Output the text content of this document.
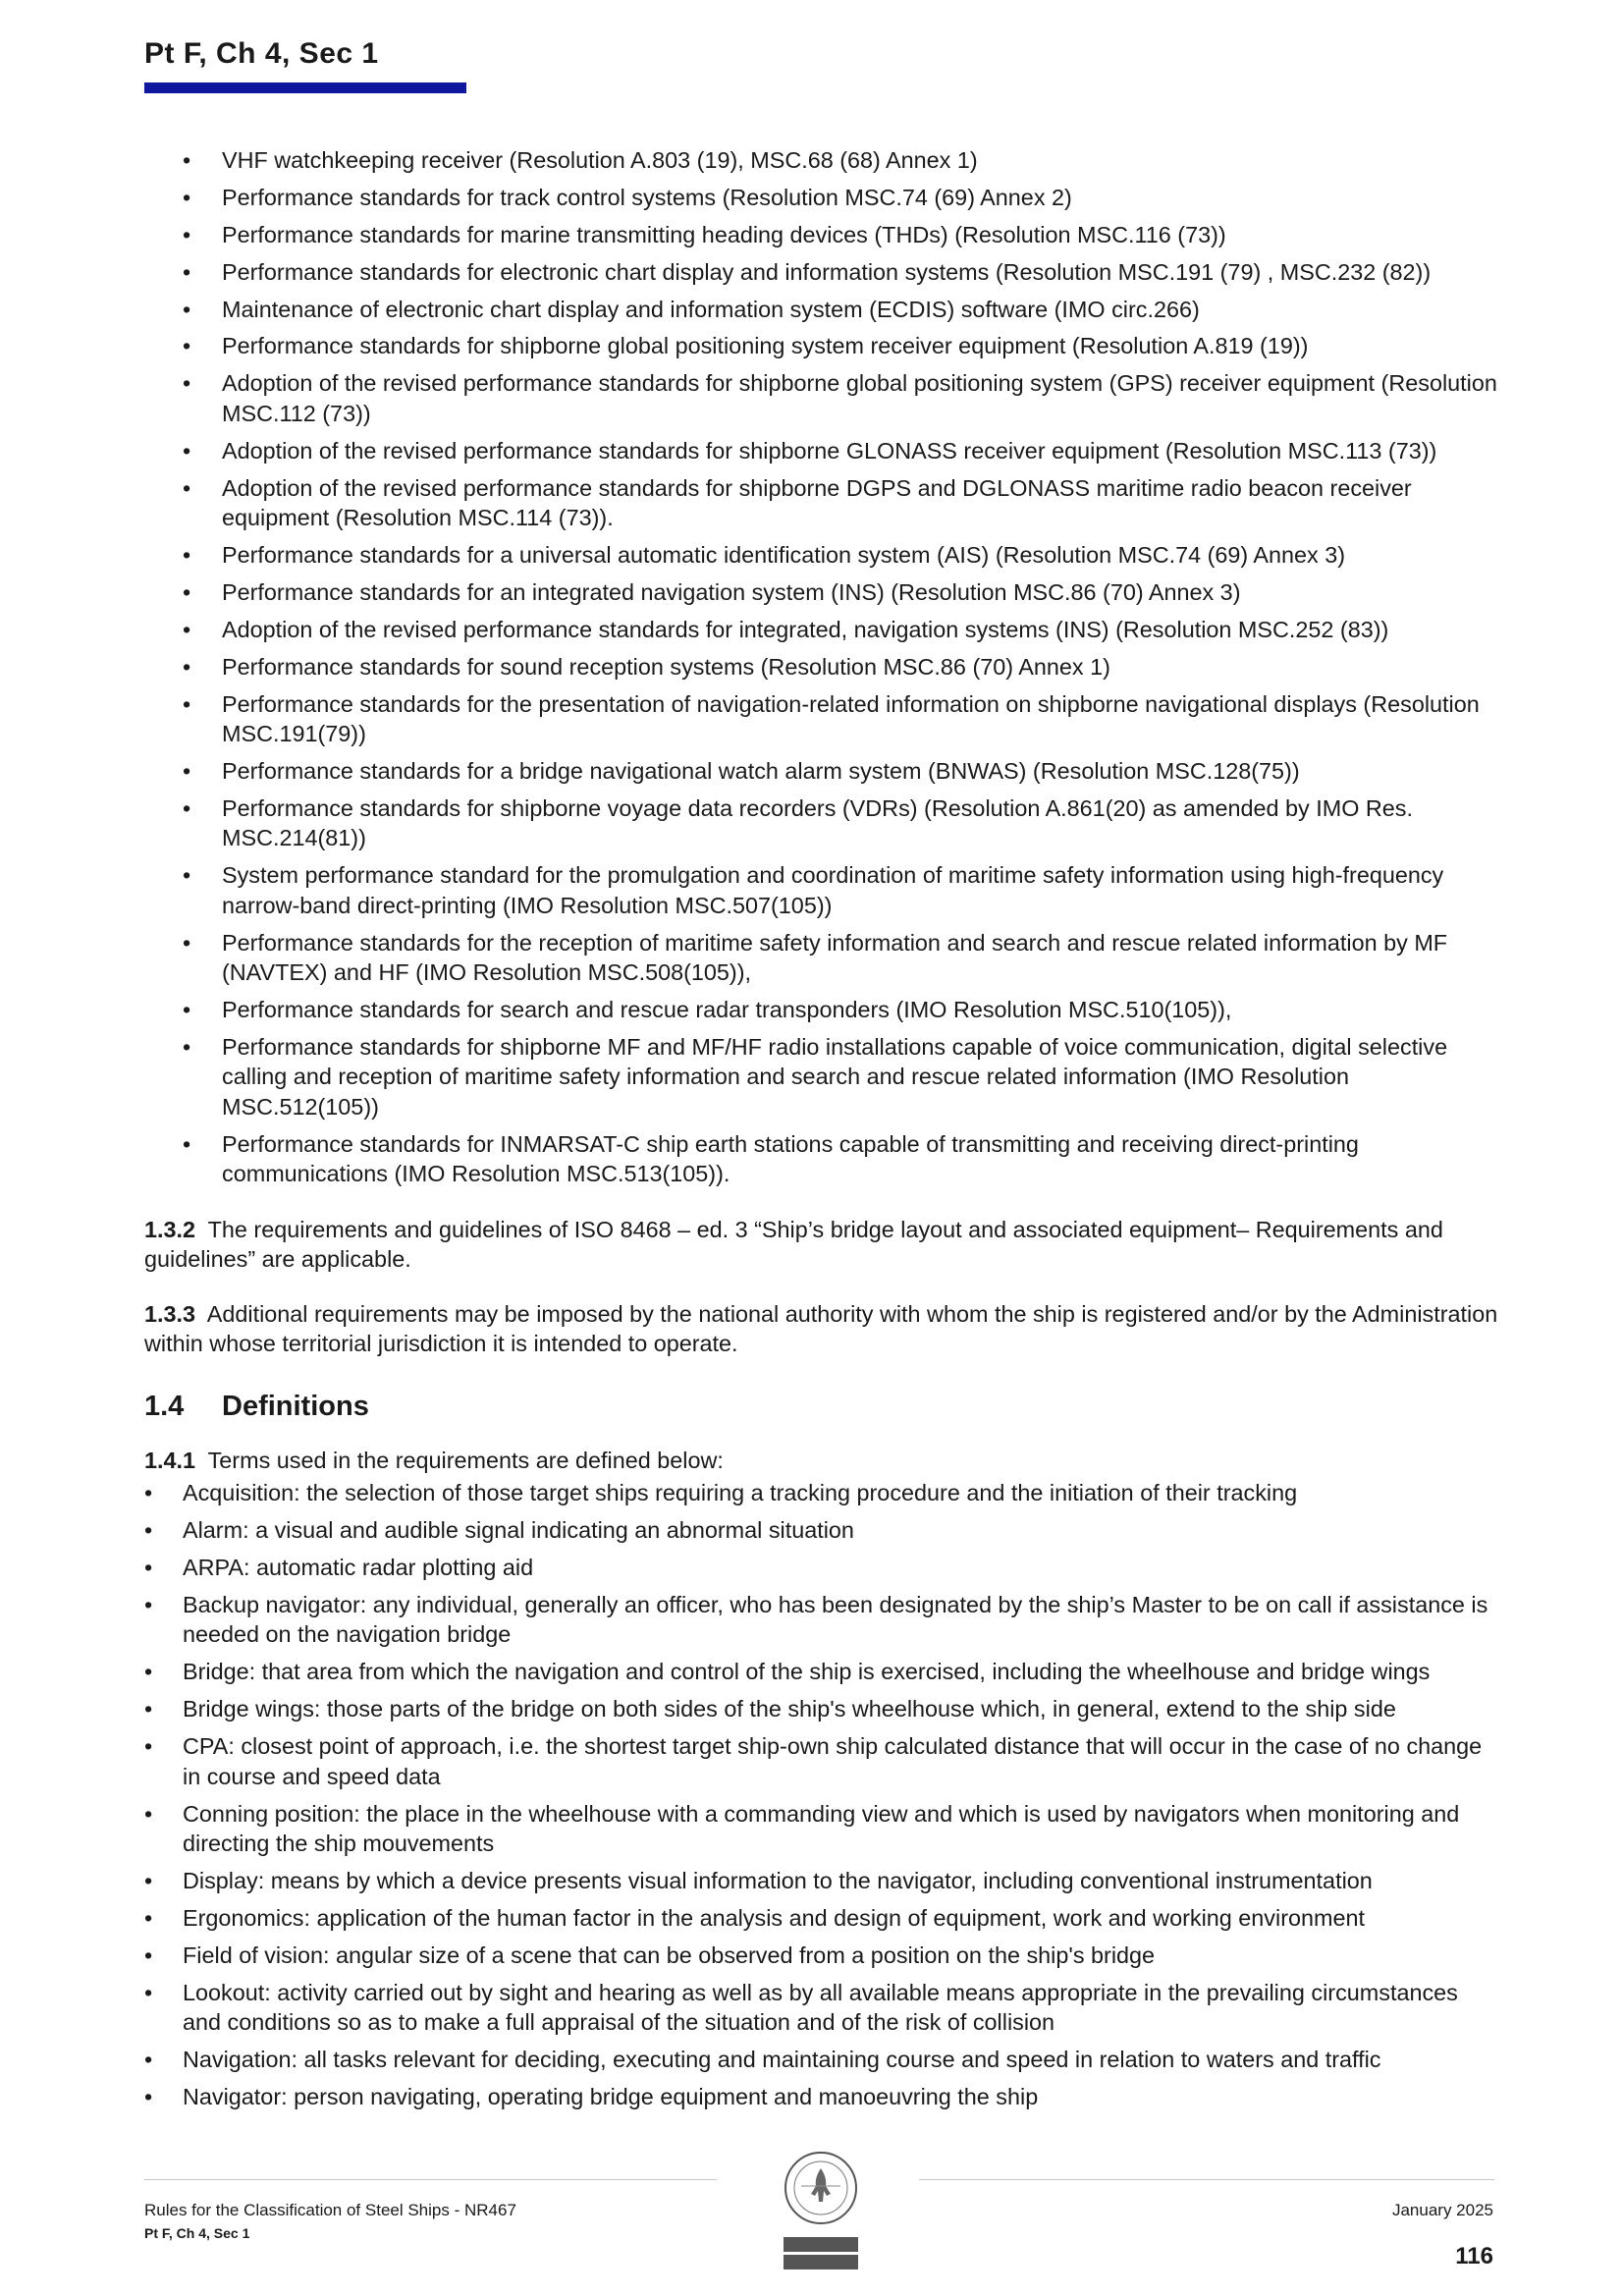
Pt F, Ch 4, Sec 1
• VHF watchkeeping receiver (Resolution A.803 (19), MSC.68 (68) Annex 1)
• Performance standards for track control systems (Resolution MSC.74 (69) Annex 2)
• Performance standards for marine transmitting heading devices (THDs) (Resolution MSC.116 (73))
• Performance standards for electronic chart display and information systems (Resolution MSC.191 (79) , MSC.232 (82))
• Maintenance of electronic chart display and information system (ECDIS) software (IMO circ.266)
• Performance standards for shipborne global positioning system receiver equipment (Resolution A.819 (19))
• Adoption of the revised performance standards for shipborne global positioning system (GPS) receiver equipment (Resolution MSC.112 (73))
• Adoption of the revised performance standards for shipborne GLONASS receiver equipment (Resolution MSC.113 (73))
• Adoption of the revised performance standards for shipborne DGPS and DGLONASS maritime radio beacon receiver equipment (Resolution MSC.114 (73)).
• Performance standards for a universal automatic identification system (AIS) (Resolution MSC.74 (69) Annex 3)
• Performance standards for an integrated navigation system (INS) (Resolution MSC.86 (70) Annex 3)
• Adoption of the revised performance standards for integrated, navigation systems (INS) (Resolution MSC.252 (83))
• Performance standards for sound reception systems (Resolution MSC.86 (70) Annex 1)
• Performance standards for the presentation of navigation-related information on shipborne navigational displays (Resolution MSC.191(79))
• Performance standards for a bridge navigational watch alarm system (BNWAS) (Resolution MSC.128(75))
• Performance standards for shipborne voyage data recorders (VDRs) (Resolution A.861(20) as amended by IMO Res. MSC.214(81))
• System performance standard for the promulgation and coordination of maritime safety information using high-frequency narrow-band direct-printing (IMO Resolution MSC.507(105))
• Performance standards for the reception of maritime safety information and search and rescue related information by MF (NAVTEX) and HF (IMO Resolution MSC.508(105)),
• Performance standards for search and rescue radar transponders (IMO Resolution MSC.510(105)),
• Performance standards for shipborne MF and MF/HF radio installations capable of voice communication, digital selective calling and reception of maritime safety information and search and rescue related information (IMO Resolution MSC.512(105))
• Performance standards for INMARSAT-C ship earth stations capable of transmitting and receiving direct-printing communications (IMO Resolution MSC.513(105)).

1.3.2 The requirements and guidelines of ISO 8468 – ed. 3 “Ship’s bridge layout and associated equipment– Requirements and guidelines” are applicable.

1.3.3 Additional requirements may be imposed by the national authority with whom the ship is registered and/or by the Administration within whose territorial jurisdiction it is intended to operate.

1.4 Definitions

1.4.1 Terms used in the requirements are defined below:

• Acquisition: the selection of those target ships requiring a tracking procedure and the initiation of their tracking
• Alarm: a visual and audible signal indicating an abnormal situation
• ARPA: automatic radar plotting aid
• Backup navigator: any individual, generally an officer, who has been designated by the ship’s Master to be on call if assistance is needed on the navigation bridge
• Bridge: that area from which the navigation and control of the ship is exercised, including the wheelhouse and bridge wings
• Bridge wings: those parts of the bridge on both sides of the ship's wheelhouse which, in general, extend to the ship side
• CPA: closest point of approach, i.e. the shortest target ship-own ship calculated distance that will occur in the case of no change in course and speed data
• Conning position: the place in the wheelhouse with a commanding view and which is used by navigators when monitoring and directing the ship mouvements
• Display: means by which a device presents visual information to the navigator, including conventional instrumentation
• Ergonomics: application of the human factor in the analysis and design of equipment, work and working environment
• Field of vision: angular size of a scene that can be observed from a position on the ship's bridge
• Lookout: activity carried out by sight and hearing as well as by all available means appropriate in the prevailing circumstances and conditions so as to make a full appraisal of the situation and of the risk of collision
• Navigation: all tasks relevant for deciding, executing and maintaining course and speed in relation to waters and traffic
• Navigator: person navigating, operating bridge equipment and manoeuvring the ship
Rules for the Classification of Steel Ships - NR467
Pt F, Ch 4, Sec 1
January 2025
116
